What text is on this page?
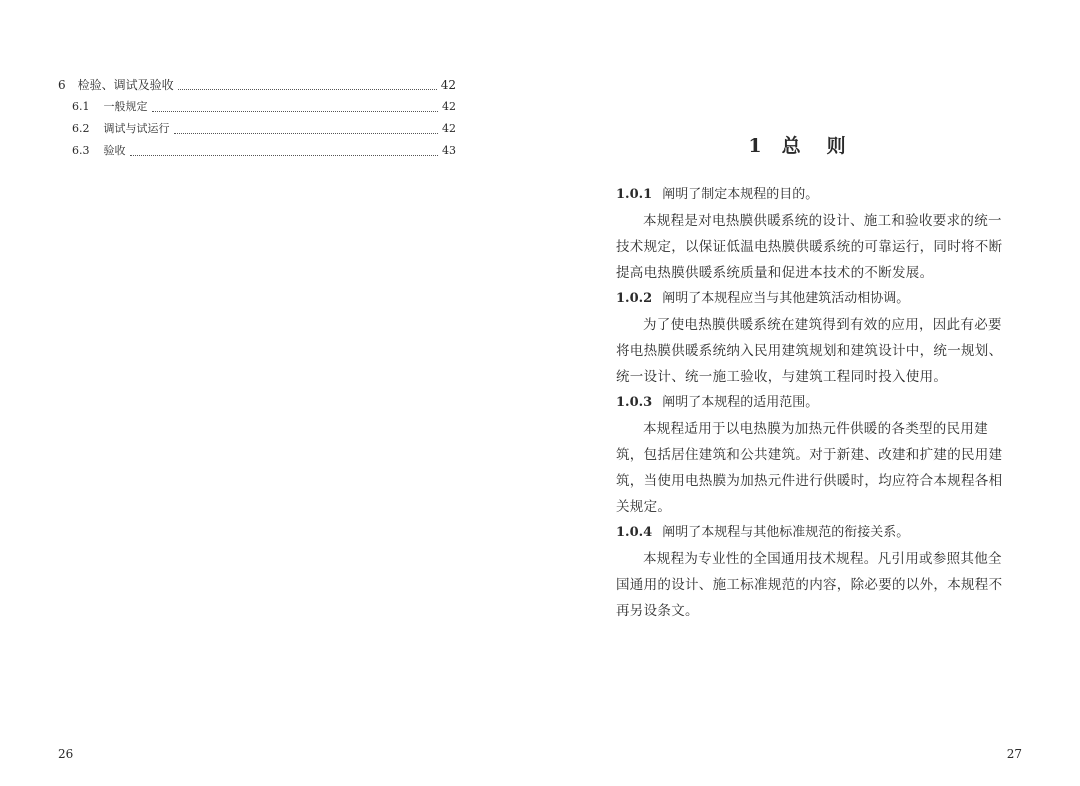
6 检验、调试及验收	42
6.1 一般规定	42
6.2 调试与试运行	42
6.3 验收	43
26
1 总则
1.0.1 阐明了制定本规程的目的。

本规程是对电热膜供暖系统的设计、施工和验收要求的统一
技术规定，以保证低温电热膜供暖系统的可靠运行，同时将不断
提高电热膜供暖系统质量和促进本技术的不断发展。

1.0.2 阐明了本规程应当与其他建筑活动相协调。

为了使电热膜供暖系统在建筑得到有效的应用，因此有必要
将电热膜供暖系统纳入民用建筑规划和建筑设计中，统一规划、
统一设计、统一施工验收，与建筑工程同时投入使用。

1.0.3 阐明了本规程的适用范围。

本规程适用于以电热膜为加热元件供暖的各类型的民用建
筑，包括居住建筑和公共建筑。对于新建、改建和扩建的民用建
筑，当使用电热膜为加热元件进行供暖时，均应符合本规程各相
关规定。

1.0.4 阐明了本规程与其他标准规范的衔接关系。

本规程为专业性的全国通用技术规程。凡引用或参照其他全
国通用的设计、施工标准规范的内容，除必要的以外，本规程不
再另设条文。

27
